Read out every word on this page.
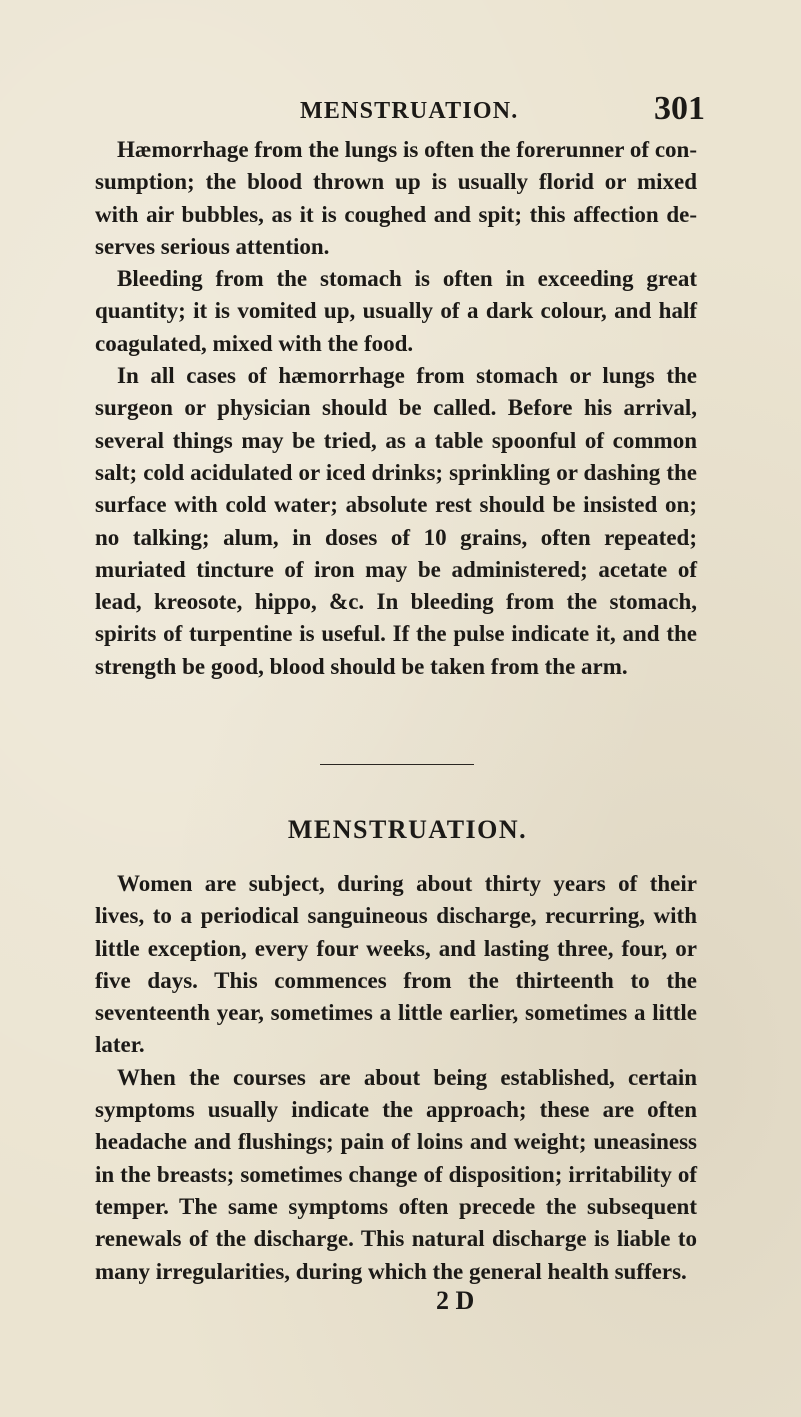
MENSTRUATION.	301

Hæmorrhage from the lungs is often the forerunner of consumption; the blood thrown up is usually florid or mixed with air bubbles, as it is coughed and spit; this affection deserves serious attention.

Bleeding from the stomach is often in exceeding great quantity; it is vomited up, usually of a dark colour, and half coagulated, mixed with the food.

In all cases of hæmorrhage from stomach or lungs the surgeon or physician should be called. Before his arrival, several things may be tried, as a table spoonful of common salt; cold acidulated or iced drinks; sprinkling or dashing the surface with cold water; absolute rest should be insisted on; no talking; alum, in doses of 10 grains, often repeated; muriated tincture of iron may be administered; acetate of lead, kreosote, hippo, &c. In bleeding from the stomach, spirits of turpentine is useful. If the pulse indicate it, and the strength be good, blood should be taken from the arm.

MENSTRUATION.

Women are subject, during about thirty years of their lives, to a periodical sanguineous discharge, recurring, with little exception, every four weeks, and lasting three, four, or five days. This commences from the thirteenth to the seventeenth year, sometimes a little earlier, sometimes a little later.

When the courses are about being established, certain symptoms usually indicate the approach; these are often headache and flushings; pain of loins and weight; uneasiness in the breasts; sometimes change of disposition; irritability of temper. The same symptoms often precede the subsequent renewals of the discharge. This natural discharge is liable to many irregularities, during which the general health suffers.

2 D
